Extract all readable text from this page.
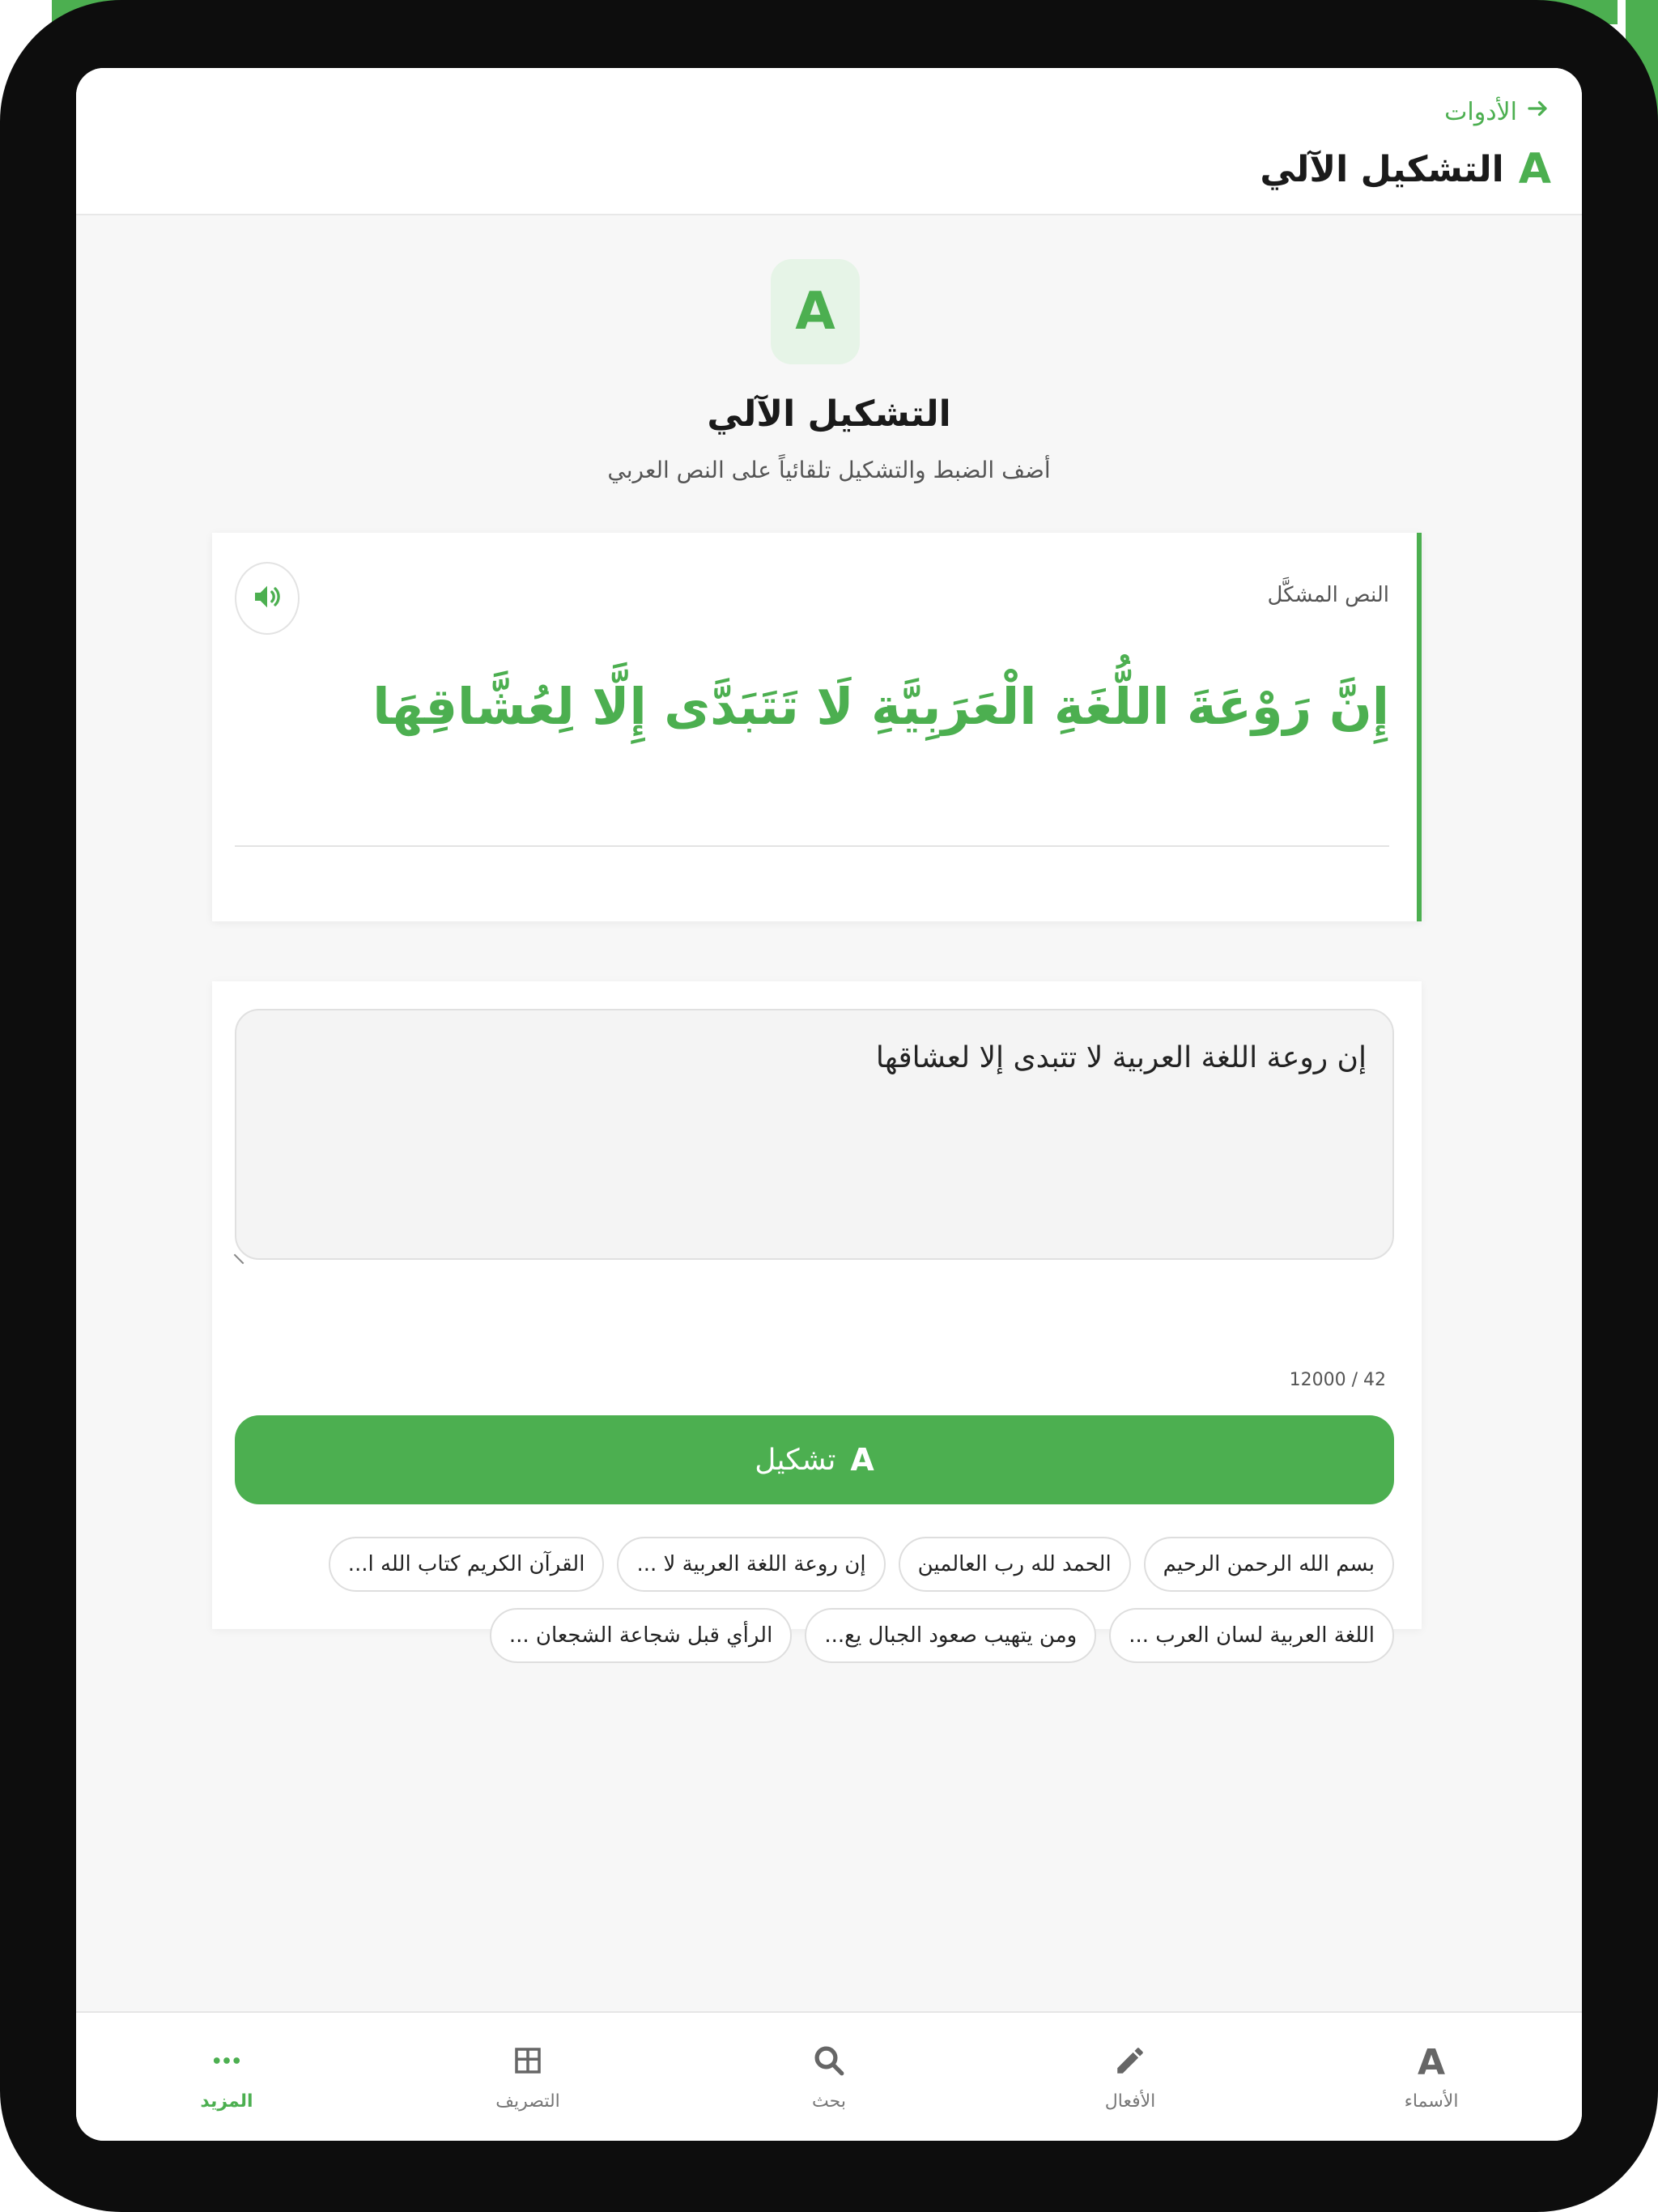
الأدوات
A
التشكيل الآلي
A
التشكيل الآلي
أضف الضبط والتشكيل تلقائياً على النص العربي
النص المشكَّل
إِنَّ رَوْعَةَ اللُّغَةِ الْعَرَبِيَّةِ لَا تَتَبَدَّى إِلَّا لِعُشَّاقِهَا
إن روعة اللغة العربية لا تتبدى إلا لعشاقها
12000 / 42
A
تشكيل
بسم الله الرحمن الرحيم
الحمد لله رب العالمين
إن روعة اللغة العربية لا ...
القرآن الكريم كتاب الله ا...
اللغة العربية لسان العرب ...
ومن يتهيب صعود الجبال يع...
الرأي قبل شجاعة الشجعان ...
A
الأسماء
الأفعال
بحث
التصريف
المزيد
